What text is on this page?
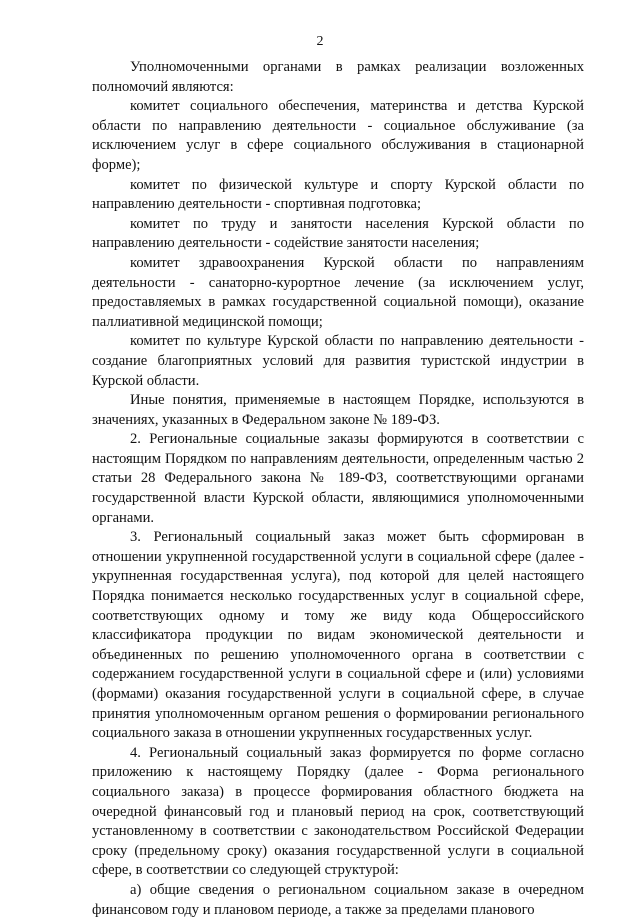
2

Уполномоченными органами в рамках реализации возложенных полномочий являются:

комитет социального обеспечения, материнства и детства Курской области по направлению деятельности - социальное обслуживание (за исключением услуг в сфере социального обслуживания в стационарной форме);

комитет по физической культуре и спорту Курской области по направлению деятельности - спортивная подготовка;

комитет по труду и занятости населения Курской области по направлению деятельности - содействие занятости населения;

комитет здравоохранения Курской области по направлениям деятельности - санаторно-курортное лечение (за исключением услуг, предоставляемых в рамках государственной социальной помощи), оказание паллиативной медицинской помощи;

комитет по культуре Курской области по направлению деятельности - создание благоприятных условий для развития туристской индустрии в Курской области.

Иные понятия, применяемые в настоящем Порядке, используются в значениях, указанных в Федеральном законе № 189-ФЗ.

2. Региональные социальные заказы формируются в соответствии с настоящим Порядком по направлениям деятельности, определенным частью 2 статьи 28 Федерального закона № 189-ФЗ, соответствующими органами государственной власти Курской области, являющимися уполномоченными органами.

3. Региональный социальный заказ может быть сформирован в отношении укрупненной государственной услуги в социальной сфере (далее - укрупненная государственная услуга), под которой для целей настоящего Порядка понимается несколько государственных услуг в социальной сфере, соответствующих одному и тому же виду кода Общероссийского классификатора продукции по видам экономической деятельности и объединенных по решению уполномоченного органа в соответствии с содержанием государственной услуги в социальной сфере и (или) условиями (формами) оказания государственной услуги в социальной сфере, в случае принятия уполномоченным органом решения о формировании регионального социального заказа в отношении укрупненных государственных услуг.

4. Региональный социальный заказ формируется по форме согласно приложению к настоящему Порядку (далее - Форма регионального социального заказа) в процессе формирования областного бюджета на очередной финансовый год и плановый период на срок, соответствующий установленному в соответствии с законодательством Российской Федерации сроку (предельному сроку) оказания государственной услуги в социальной сфере, в соответствии со следующей структурой:

а) общие сведения о региональном социальном заказе в очередном финансовом году и плановом периоде, а также за пределами планового
